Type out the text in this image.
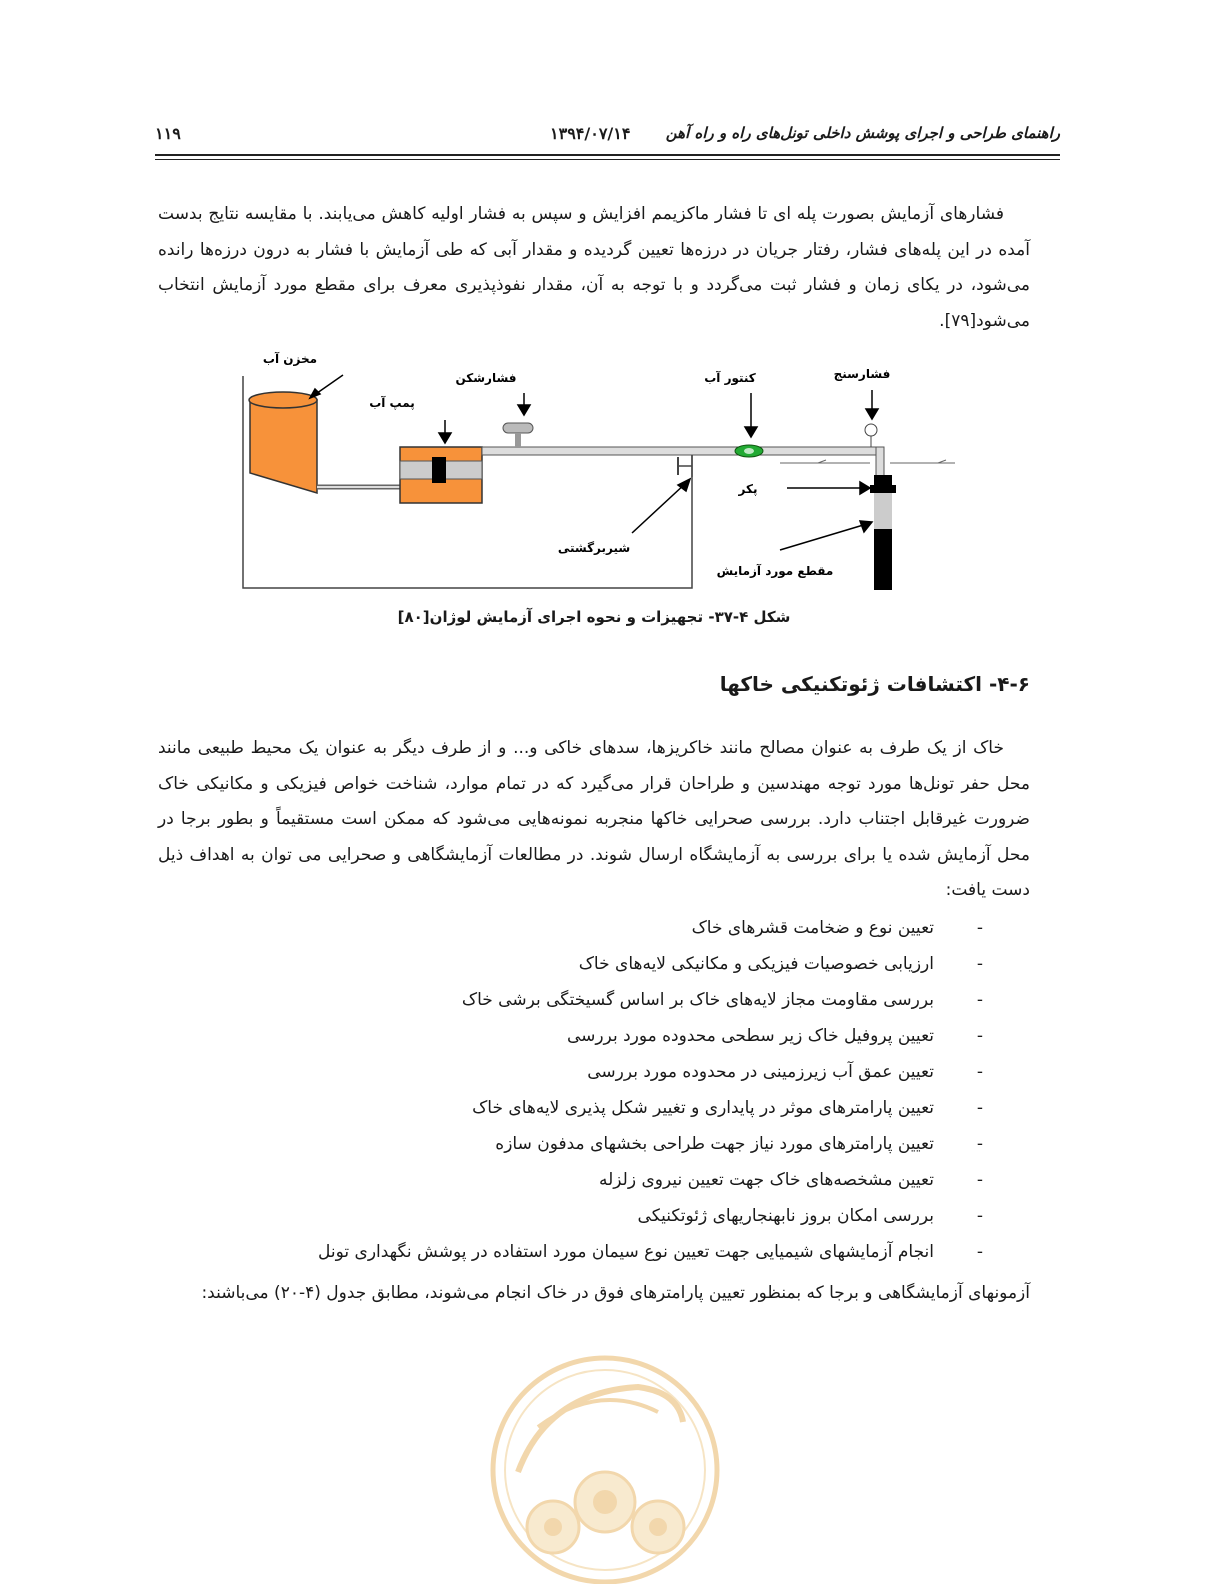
راهنمای طراحی و اجرای پوشش داخلی تونل‌های راه و راه آهن
۱۳۹۴/۰۷/۱۴
۱۱۹

فشارهای آزمایش بصورت پله ای تا فشار ماکزیمم افزایش و سپس به فشار اولیه کاهش می‌یابند. با مقایسه نتایج بدست آمده در این پله‌های فشار، رفتار جریان در درزه‌ها تعیین گردیده و مقدار آبی که طی آزمایش با فشار به درون درزه‌ها رانده می‌شود، در یکای زمان و فشار ثبت می‌گردد و با توجه به آن، مقدار نفوذپذیری معرف برای مقطع مورد آزمایش انتخاب می‌شود[۷۹].

مخزن آب
پمپ آب
فشارشکن	کنتور آب	فشارسنج
پکر
شیربرگشتی
مقطع مورد آزمایش
شکل ۴-۳۷- تجهیزات و نحوه اجرای آزمایش لوژان[۸۰]
۴-۶- اکتشافات ژئوتکنیکی خاکها

خاک از یک طرف به عنوان مصالح مانند خاکریزها، سدهای خاکی و... و از طرف دیگر به عنوان یک محیط طبیعی مانند محل حفر تونل‌ها مورد توجه مهندسین و طراحان قرار می‌گیرد که در تمام موارد، شناخت خواص فیزیکی و مکانیکی خاک ضرورت غیرقابل اجتناب دارد. بررسی صحرایی خاکها منجربه نمونه‌هایی می‌شود که ممکن است مستقیماً و بطور برجا در محل آزمایش شده یا برای بررسی به آزمایشگاه ارسال شوند. در مطالعات آزمایشگاهی و صحرایی می توان به اهداف ذیل دست یافت:

-
تعیین نوع و ضخامت قشرهای خاک
-
ارزیابی خصوصیات فیزیکی و مکانیکی لایه‌های خاک
-
بررسی مقاومت مجاز لایه‌های خاک بر اساس گسیختگی برشی خاک
-
تعیین پروفیل خاک زیر سطحی محدوده مورد بررسی
-
تعیین عمق آب زیرزمینی در محدوده مورد بررسی
-
تعیین پارامترهای موثر در پایداری و تغییر شکل پذیری لایه‌های خاک
-
تعیین پارامترهای مورد نیاز جهت طراحی بخشهای مدفون سازه
-
تعیین مشخصه‌های خاک جهت تعیین نیروی زلزله
-
بررسی امکان بروز نابهنجاریهای ژئوتکنیکی
-
انجام آزمایشهای شیمیایی جهت تعیین نوع سیمان مورد استفاده در پوشش نگهداری تونل

آزمونهای آزمایشگاهی و برجا که بمنظور تعیین پارامترهای فوق در خاک انجام می‌شوند، مطابق جدول (۴-۲۰) می‌باشند:
